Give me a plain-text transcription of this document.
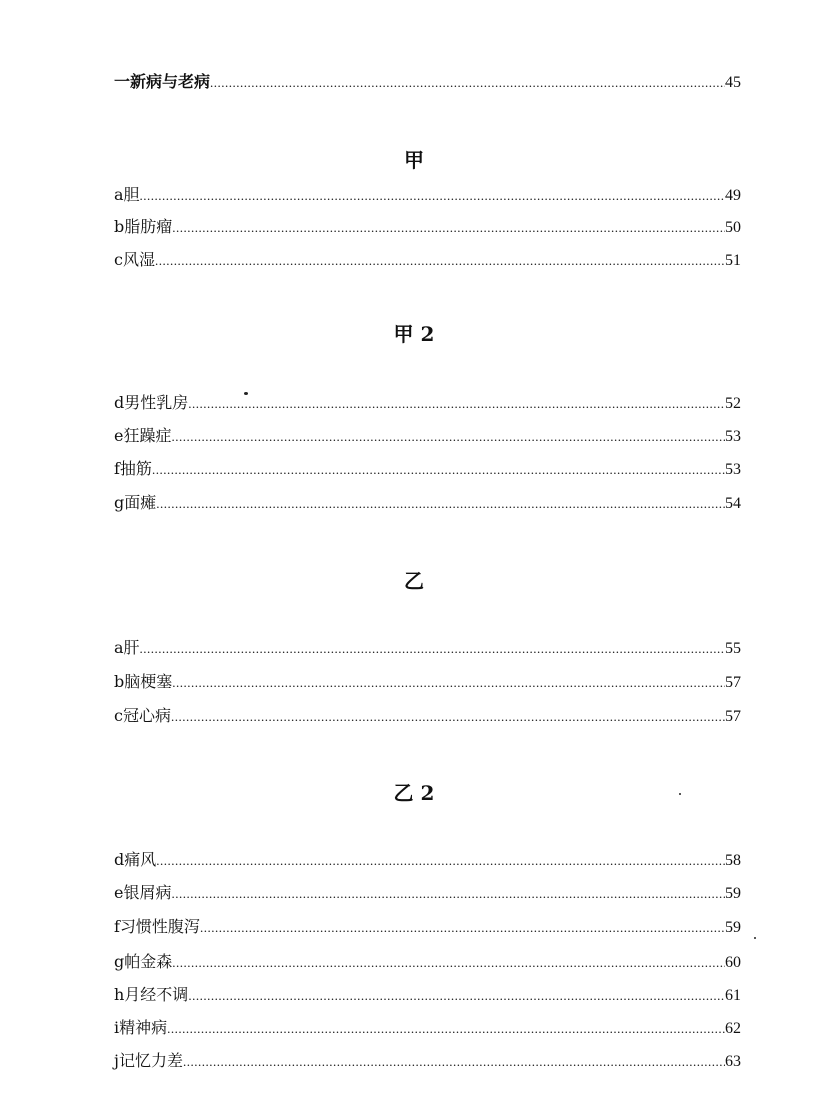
一新病与老病 .....	45
甲
a胆 .....	49
b脂肪瘤 .....	50
c风湿 .....	51
甲 2
d男性乳房 .....	52
e狂躁症 .....	53
f抽筋 .....	53
g面瘫 .....	54
乙
a肝 .....	55
b脑梗塞 .....	57
c冠心病 .....	57
乙 2
d痛风 .....	58
e银屑病 .....	59
f习惯性腹泻 .....	59
g帕金森 .....	60
h月经不调 .....	61
i精神病 .....	62
j记忆力差 .....	63
